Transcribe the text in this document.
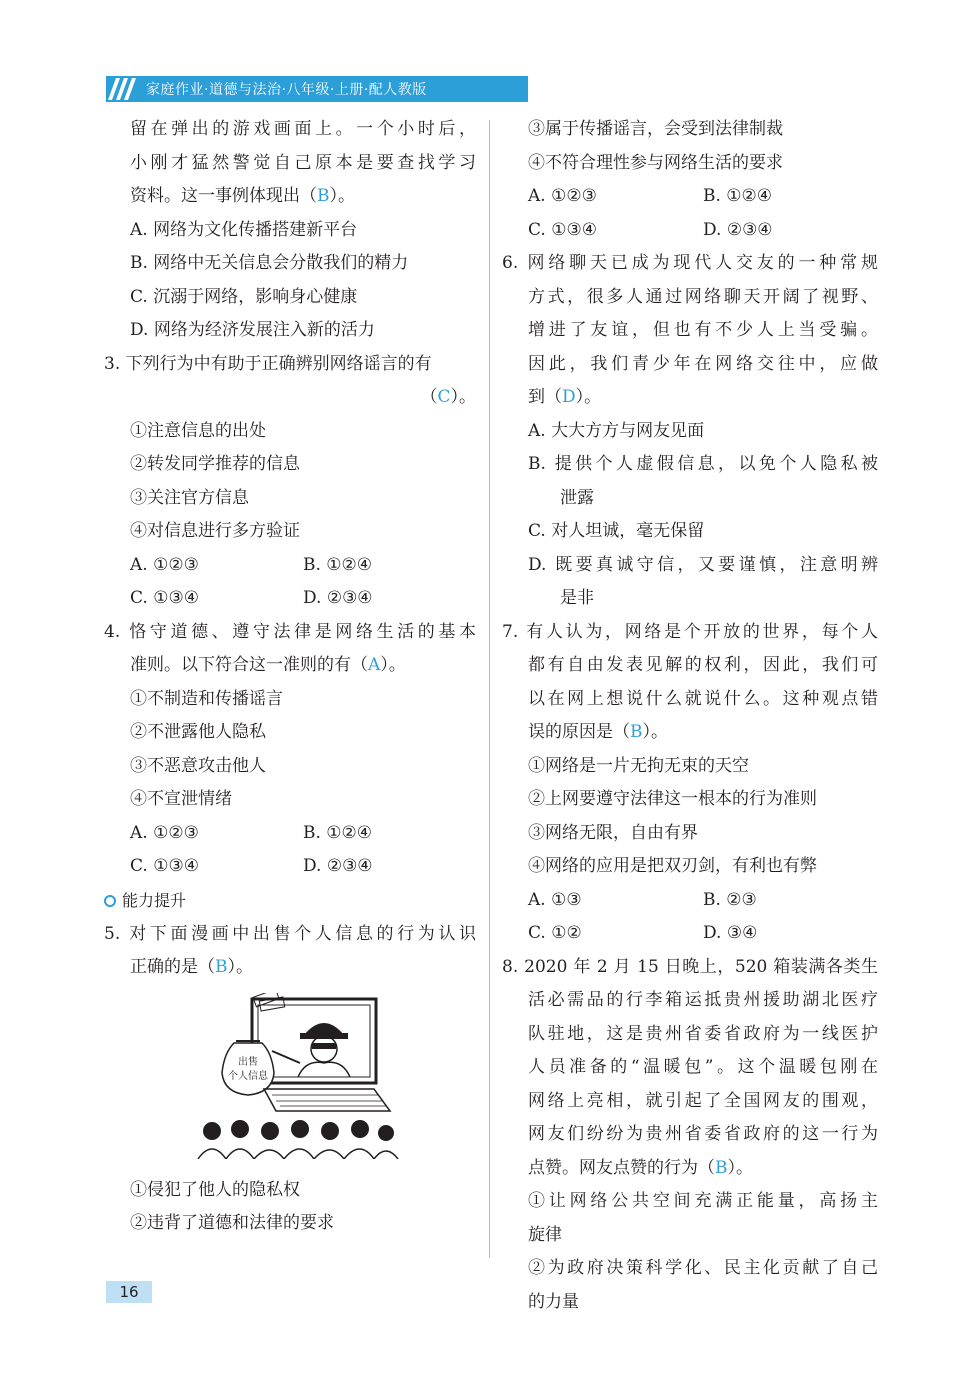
家庭作业·道德与法治·八年级·上册·配人教版
留在弹出的游戏画面上。一个小时后，
小刚才猛然警觉自己原本是要查找学习
资料。这一事例体现出（B）。
A. 网络为文化传播搭建新平台
B. 网络中无关信息会分散我们的精力
C. 沉溺于网络，影响身心健康
D. 网络为经济发展注入新的活力
3. 下列行为中有助于正确辨别网络谣言的有
（C）。
①注意信息的出处
②转发同学推荐的信息
③关注官方信息
④对信息进行多方验证
A. ①②③	B. ①②④
C. ①③④	D. ②③④
4. 恪守道德、遵守法律是网络生活的基本
准则。以下符合这一准则的有（A）。
①不制造和传播谣言
②不泄露他人隐私
③不恶意攻击他人
④不宣泄情绪
A. ①②③	B. ①②④
C. ①③④	D. ②③④
能力提升
5. 对下面漫画中出售个人信息的行为认识
正确的是（B）。
出售
个人信息
①侵犯了他人的隐私权
②违背了道德和法律的要求
③属于传播谣言，会受到法律制裁
④不符合理性参与网络生活的要求
A. ①②③	B. ①②④
C. ①③④	D. ②③④
6. 网络聊天已成为现代人交友的一种常规
方式，很多人通过网络聊天开阔了视野、
增进了友谊，但也有不少人上当受骗。
因此，我们青少年在网络交往中，应做
到（D）。
A. 大大方方与网友见面
B. 提供个人虚假信息，以免个人隐私被
泄露
C. 对人坦诚，毫无保留
D. 既要真诚守信，又要谨慎，注意明辨
是非
7. 有人认为，网络是个开放的世界，每个人
都有自由发表见解的权利，因此，我们可
以在网上想说什么就说什么。这种观点错
误的原因是（B）。
①网络是一片无拘无束的天空
②上网要遵守法律这一根本的行为准则
③网络无限，自由有界
④网络的应用是把双刃剑，有利也有弊
A. ①③	B. ②③
C. ①②	D. ③④
8. 2020 年 2 月 15 日晚上，520 箱装满各类生
活必需品的行李箱运抵贵州援助湖北医疗
队驻地，这是贵州省委省政府为一线医护
人员准备的“温暖包”。这个温暖包刚在
网络上亮相，就引起了全国网友的围观，
网友们纷纷为贵州省委省政府的这一行为
点赞。网友点赞的行为（B）。
①让网络公共空间充满正能量，高扬主
旋律
②为政府决策科学化、民主化贡献了自己
的力量
16
